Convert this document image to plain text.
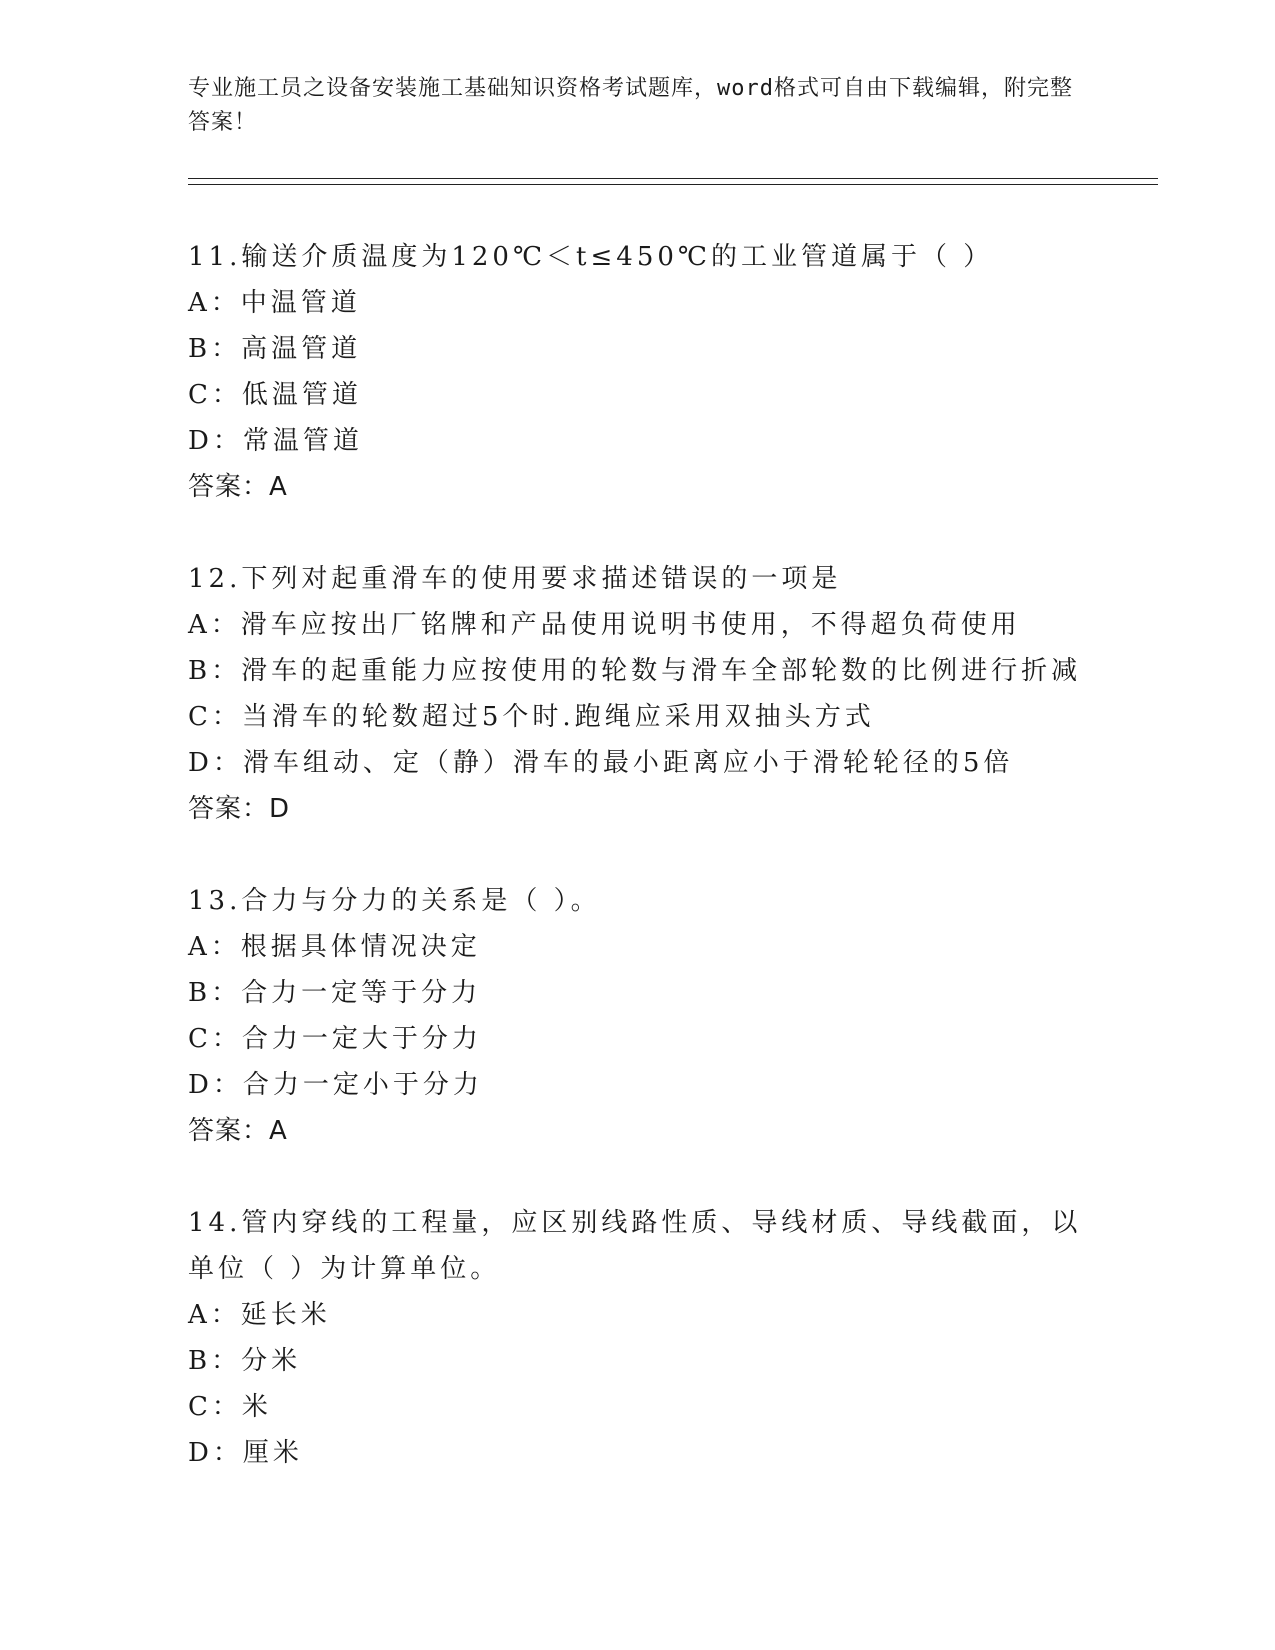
专业施工员之设备安装施工基础知识资格考试题库，word格式可自由下载编辑，附完整答案！
11.输送介质温度为120℃＜t≤450℃的工业管道属于（ ）
A：中温管道
B：高温管道
C：低温管道
D：常温管道
答案：A
12.下列对起重滑车的使用要求描述错误的一项是
A：滑车应按出厂铭牌和产品使用说明书使用，不得超负荷使用
B：滑车的起重能力应按使用的轮数与滑车全部轮数的比例进行折减
C：当滑车的轮数超过5个时.跑绳应采用双抽头方式
D：滑车组动、定（静）滑车的最小距离应小于滑轮轮径的5倍
答案：D
13.合力与分力的关系是（ ）。
A：根据具体情况决定
B：合力一定等于分力
C：合力一定大于分力
D：合力一定小于分力
答案：A
14.管内穿线的工程量，应区别线路性质、导线材质、导线截面，以单位（ ）为计算单位。
A：延长米
B：分米
C：米
D：厘米
